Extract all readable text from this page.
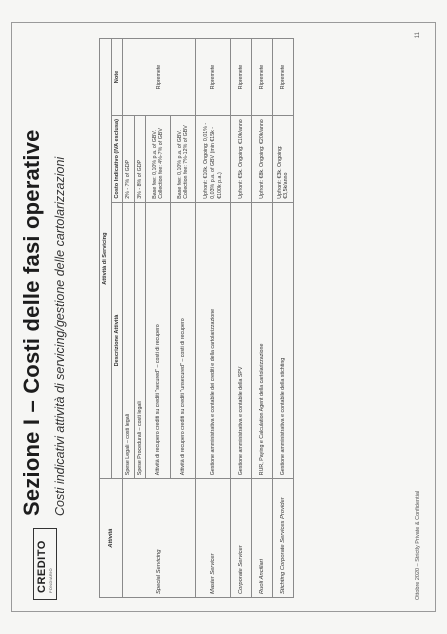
CREDITO FONDIARIO
Sezione I – Costi delle fasi operative Costi indicativi attività di servicing/gestione delle cartolarizzazioni
Attività	Attività di Servicing		
	Descrizione Attività	Costo Indicativo (IVA esclusa)	Note
Special Servicing	Spese Legali – costi legali	2% - 7% of GDP	Ripremete
	Spese Procedurali – costi legali	3% - 8% of GDP	
	Attività di recupero crediti su crediti "secured" – costi di recupero	Base fee: 0,10% p.a. of GBV. Collection fee: 4%-7% of GBV	
	Attività di recupero crediti su crediti "unsecured" – costi di recupero	Base fee: 0,10% p.a. of GBV. Collection fee: 7%-12% of GBV	
Master Servicer	Gestione amministrativa e contabile dei crediti e della cartolarizzazione	Upfront: €10k. Ongoing: 0,01% - 0,03% p.a. of GBV (min €15k - €100k p.a.)	Ripremete
Corporate Servicer	Gestione amministrativa e contabile della SPV	Upfront: €5k. Ongoing: €10k/anno	Ripremete
Ruoli Ancillari	RUR, Paying e Calculation Agent della cartolarizzazione	Upfront: €8k. Ongoing: €20k/anno	Ripremete
Stichting Corporate Services Provider	Gestione amministrativa e contabile della stichting	Upfront: €3k. Ongoing: €3,5k/anno	Ripremete
Ottobre 2020 – Strictly Private & Confidential
11
